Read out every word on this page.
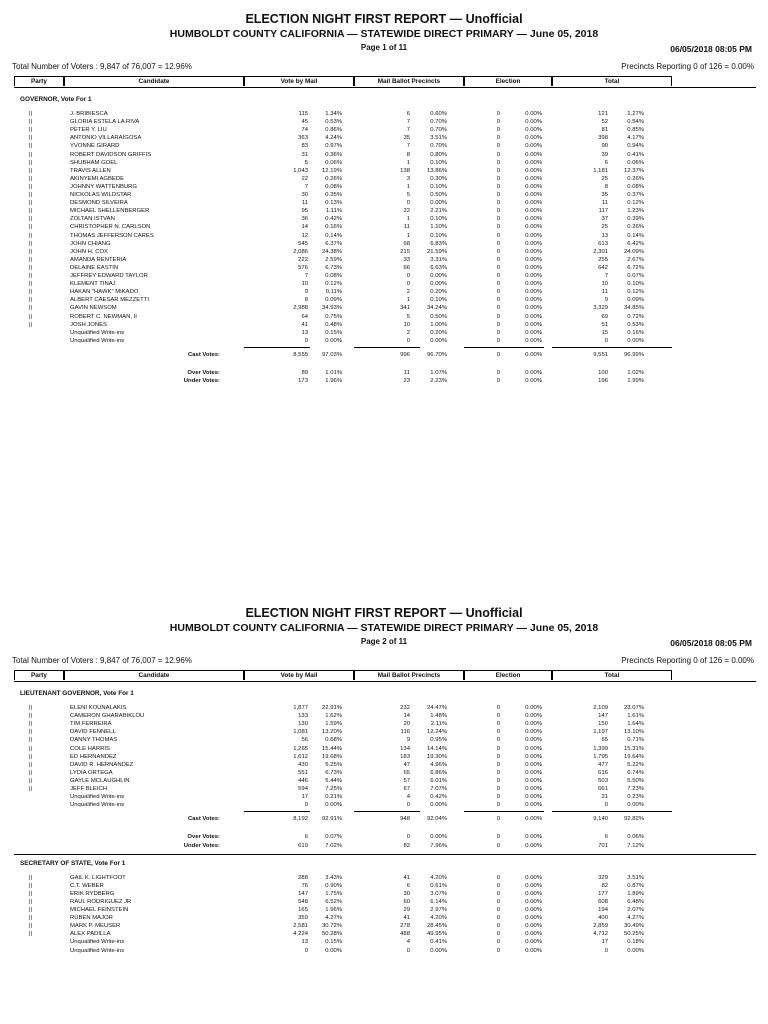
ELECTION NIGHT FIRST REPORT — Unofficial
HUMBOLDT COUNTY CALIFORNIA — STATEWIDE DIRECT PRIMARY — June 05, 2018
Page 1 of 11	06/05/2018 08:05 PM
Total Number of Voters : 9,847 of 76,007 = 12.96%	Precincts Reporting 0 of 126 = 0.00%
Party	Candidate	Vote by Mail	Mail Ballot Precincts	Election	Total
GOVERNOR, Vote For 1
||	J. BRIBIESCA	115	1.34%	6	0.60%	0	0.00%	121	1.27%
||	GLORIA ESTELA LA RIVA	45	0.53%	7	0.70%	0	0.00%	52	0.54%
||	PETER Y. LIU	74	0.86%	7	0.70%	0	0.00%	81	0.85%
||	ANTONIO VILLARAIGOSA	363	4.24%	35	3.51%	0	0.00%	398	4.17%
||	YVONNE GIRARD	83	0.97%	7	0.70%	0	0.00%	90	0.94%
||	ROBERT DAVIDSON GRIFFIS	31	0.36%	8	0.80%	0	0.00%	39	0.41%
||	SHUBHAM GOEL	5	0.06%	1	0.10%	0	0.00%	6	0.06%
||	TRAVIS ALLEN	1,043	12.19%	138	13.86%	0	0.00%	1,181	12.37%
||	AKINYEMI AGBEDE	22	0.26%	3	0.30%	0	0.00%	25	0.26%
||	JOHNNY WATTENBURG	7	0.08%	1	0.10%	0	0.00%	8	0.08%
||	NICKOLAS WILDSTAR	30	0.35%	5	0.50%	0	0.00%	35	0.37%
||	DESMOND SILVEIRA	11	0.13%	0	0.00%	0	0.00%	11	0.12%
||	MICHAEL SHELLENBERGER	95	1.11%	22	2.21%	0	0.00%	117	1.23%
||	ZOLTAN ISTVAN	36	0.42%	1	0.10%	0	0.00%	37	0.39%
||	CHRISTOPHER N. CARLSON	14	0.16%	11	1.10%	0	0.00%	25	0.26%
||	THOMAS JEFFERSON CARES	12	0.14%	1	0.10%	0	0.00%	13	0.14%
||	JOHN CHIANG	545	6.37%	68	6.83%	0	0.00%	613	6.42%
||	JOHN H. COX	2,086	24.38%	215	21.59%	0	0.00%	2,301	24.09%
||	AMANDA RENTERIA	222	2.59%	33	3.31%	0	0.00%	255	2.67%
||	DELAINE EASTIN	576	6.73%	66	6.63%	0	0.00%	642	6.72%
||	JEFFREY EDWARD TAYLOR	7	0.08%	0	0.00%	0	0.00%	7	0.07%
||	KLEMENT TINAJ	10	0.12%	0	0.00%	0	0.00%	10	0.10%
||	HAKAN "HAWK" MIKADO	9	0.11%	2	0.20%	0	0.00%	11	0.12%
||	ALBERT CAESAR MEZZETTI	8	0.09%	1	0.10%	0	0.00%	9	0.09%
||	GAVIN NEWSOM	2,988	34.93%	341	34.24%	0	0.00%	3,329	34.85%
||	ROBERT C. NEWMAN, II	64	0.75%	5	0.50%	0	0.00%	69	0.72%
||	JOSH JONES	41	0.48%	10	1.00%	0	0.00%	51	0.53%
Unqualified Write-ins	13	0.15%	2	0.20%	0	0.00%	15	0.16%
Unqualified Write-ins	0	0.00%	0	0.00%	0	0.00%	0	0.00%
Cast Votes:	8,555	97.03%	996	96.70%	0	0.00%	9,551	96.99%
Over Votes:	89	1.01%	11	1.07%	0	0.00%	100	1.02%
Under Votes:	173	1.96%	23	2.23%	0	0.00%	196	1.99%
ELECTION NIGHT FIRST REPORT — Unofficial
HUMBOLDT COUNTY CALIFORNIA — STATEWIDE DIRECT PRIMARY — June 05, 2018
Page 2 of 11	06/05/2018 08:05 PM
Total Number of Voters : 9,847 of 76,007 = 12.96%	Precincts Reporting 0 of 126 = 0.00%
Party	Candidate	Vote by Mail	Mail Ballot Precincts	Election	Total
LIEUTENANT GOVERNOR, Vote For 1
||	ELENI KOUNALAKIS	1,877	22.91%	232	24.47%	0	0.00%	2,109	23.07%
||	CAMERON GHARABIKLOU	133	1.62%	14	1.48%	0	0.00%	147	1.61%
||	TIM FERREIRA	130	1.59%	20	2.11%	0	0.00%	150	1.64%
||	DAVID FENNELL	1,081	13.20%	116	12.24%	0	0.00%	1,197	13.10%
||	DANNY THOMAS	56	0.68%	9	0.95%	0	0.00%	65	0.71%
||	COLE HARRIS	1,265	15.44%	134	14.14%	0	0.00%	1,399	15.31%
||	ED HERNANDEZ	1,612	19.68%	183	19.30%	0	0.00%	1,795	19.64%
||	DAVID R. HERNANDEZ	430	5.25%	47	4.96%	0	0.00%	477	5.22%
||	LYDIA ORTEGA	551	6.73%	65	6.86%	0	0.00%	616	6.74%
||	GAYLE MCLAUGHLIN	446	5.44%	57	6.01%	0	0.00%	503	5.50%
||	JEFF BLEICH	594	7.25%	67	7.07%	0	0.00%	661	7.23%
Unqualified Write-ins	17	0.21%	4	0.42%	0	0.00%	21	0.23%
Unqualified Write-ins	0	0.00%	0	0.00%	0	0.00%	0	0.00%
Cast Votes:	8,192	92.91%	948	92.04%	0	0.00%	9,140	92.82%
Over Votes:	6	0.07%	0	0.00%	0	0.00%	6	0.06%
Under Votes:	619	7.02%	82	7.96%	0	0.00%	701	7.12%
SECRETARY OF STATE, Vote For 1
||	GAIL K. LIGHTFOOT	288	3.43%	41	4.20%	0	0.00%	329	3.51%
||	C.T. WEBER	76	0.90%	6	0.61%	0	0.00%	82	0.87%
||	ERIK RYDBERG	147	1.75%	30	3.07%	0	0.00%	177	1.89%
||	RAUL RODRIGUEZ JR	548	6.52%	60	6.14%	0	0.00%	608	6.48%
||	MICHAEL FEINSTEIN	165	1.96%	29	2.97%	0	0.00%	194	2.07%
||	RUBEN MAJOR	359	4.27%	41	4.20%	0	0.00%	400	4.27%
||	MARK P. MEUSER	2,581	30.72%	278	28.45%	0	0.00%	2,859	30.49%
||	ALEX PADILLA	4,224	50.28%	488	49.95%	0	0.00%	4,712	50.25%
Unqualified Write-ins	13	0.15%	4	0.41%	0	0.00%	17	0.18%
Unqualified Write-ins	0	0.00%	0	0.00%	0	0.00%	0	0.00%
